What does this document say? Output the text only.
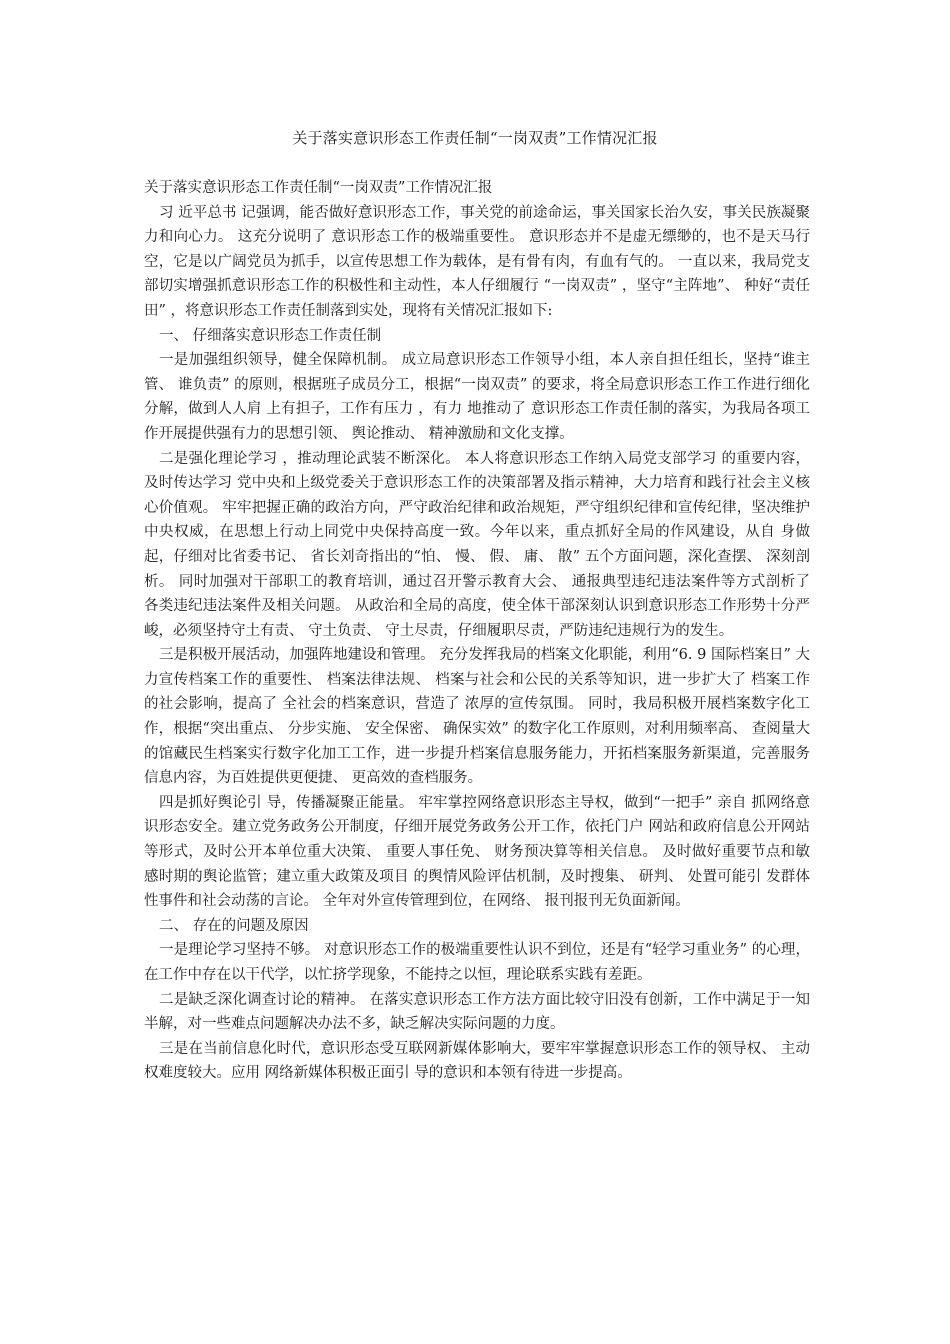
关于落实意识形态工作责任制“一岗双责”工作情况汇报

关于落实意识形态工作责任制“一岗双责”工作情况汇报

习 近平总书 记强调，能否做好意识形态工作，事关党的前途命运，事关国家长治久安，事关民族凝聚力和向心力。 这充分说明了 意识形态工作的极端重要性。 意识形态并不是虚无缥缈的，也不是天马行空，它是以广阔党员为抓手，以宣传思想工作为载体，是有骨有肉，有血有气的。 一直以来，我局党支部切实增强抓意识形态工作的积极性和主动性，本人仔细履行 “一岗双责” ，坚守“主阵地”、 种好“责任田” ，将意识形态工作责任制落到实处，现将有关情况汇报如下:

一、 仔细落实意识形态工作责任制

一是加强组织领导，健全保障机制。 成立局意识形态工作领导小组，本人亲自担任组长，坚持“谁主管、 谁负责” 的原则，根据班子成员分工，根据“一岗双责” 的要求，将全局意识形态工作工作进行细化分解，做到人人肩 上有担子，工作有压力 ，有力 地推动了 意识形态工作责任制的落实，为我局各项工作开展提供强有力的思想引领、 舆论推动、 精神激励和文化支撑。

二是强化理论学习 ，推动理论武装不断深化。 本人将意识形态工作纳入局党支部学习 的重要内容，及时传达学习 党中央和上级党委关于意识形态工作的决策部署及指示精神，大力培育和践行社会主义核心价值观。 牢牢把握正确的政治方向，严守政治纪律和政治规矩，严守组织纪律和宣传纪律，坚决维护中央权威，在思想上行动上同党中央保持高度一致。今年以来，重点抓好全局的作风建设，从自 身做起，仔细对比省委书记、 省长刘奇指出的“怕、 慢、 假、 庸、 散” 五个方面问题，深化查摆、 深刻剖析。 同时加强对干部职工的教育培训，通过召开警示教育大会、 通报典型违纪违法案件等方式剖析了 各类违纪违法案件及相关问题。 从政治和全局的高度，使全体干部深刻认识到意识形态工作形势十分严峻，必须坚持守土有责、 守土负责、 守土尽责，仔细履职尽责，严防违纪违规行为的发生。

三是积极开展活动，加强阵地建设和管理。 充分发挥我局的档案文化职能，利用“6. 9 国际档案日” 大力宣传档案工作的重要性、 档案法律法规、 档案与社会和公民的关系等知识，进一步扩大了 档案工作的社会影响，提高了 全社会的档案意识，营造了 浓厚的宣传氛围。 同时，我局积极开展档案数字化工作，根据“突出重点、 分步实施、 安全保密、 确保实效” 的数字化工作原则，对利用频率高、 查阅量大的馆藏民生档案实行数字化加工工作，进一步提升档案信息服务能力，开拓档案服务新渠道，完善服务信息内容，为百姓提供更便捷、 更高效的查档服务。

四是抓好舆论引 导，传播凝聚正能量。 牢牢掌控网络意识形态主导权，做到“一把手” 亲自 抓网络意识形态安全。建立党务政务公开制度，仔细开展党务政务公开工作，依托门户 网站和政府信息公开网站等形式，及时公开本单位重大决策、 重要人事任免、 财务预决算等相关信息。 及时做好重要节点和敏感时期的舆论监管；建立重大政策及项目 的舆情风险评估机制，及时搜集、 研判、 处置可能引 发群体性事件和社会动荡的言论。 全年对外宣传管理到位，在网络、 报刊报刊无负面新闻。

二、 存在的问题及原因

一是理论学习坚持不够。 对意识形态工作的极端重要性认识不到位，还是有“轻学习重业务” 的心理，在工作中存在以干代学，以忙挤学现象，不能持之以恒，理论联系实践有差距。

二是缺乏深化调查讨论的精神。 在落实意识形态工作方法方面比较守旧没有创新，工作中满足于一知半解，对一些难点问题解决办法不多，缺乏解决实际问题的力度。

三是在当前信息化时代，意识形态受互联网新媒体影响大，要牢牢掌握意识形态工作的领导权、 主动权难度较大。应用 网络新媒体积极正面引 导的意识和本领有待进一步提高。
